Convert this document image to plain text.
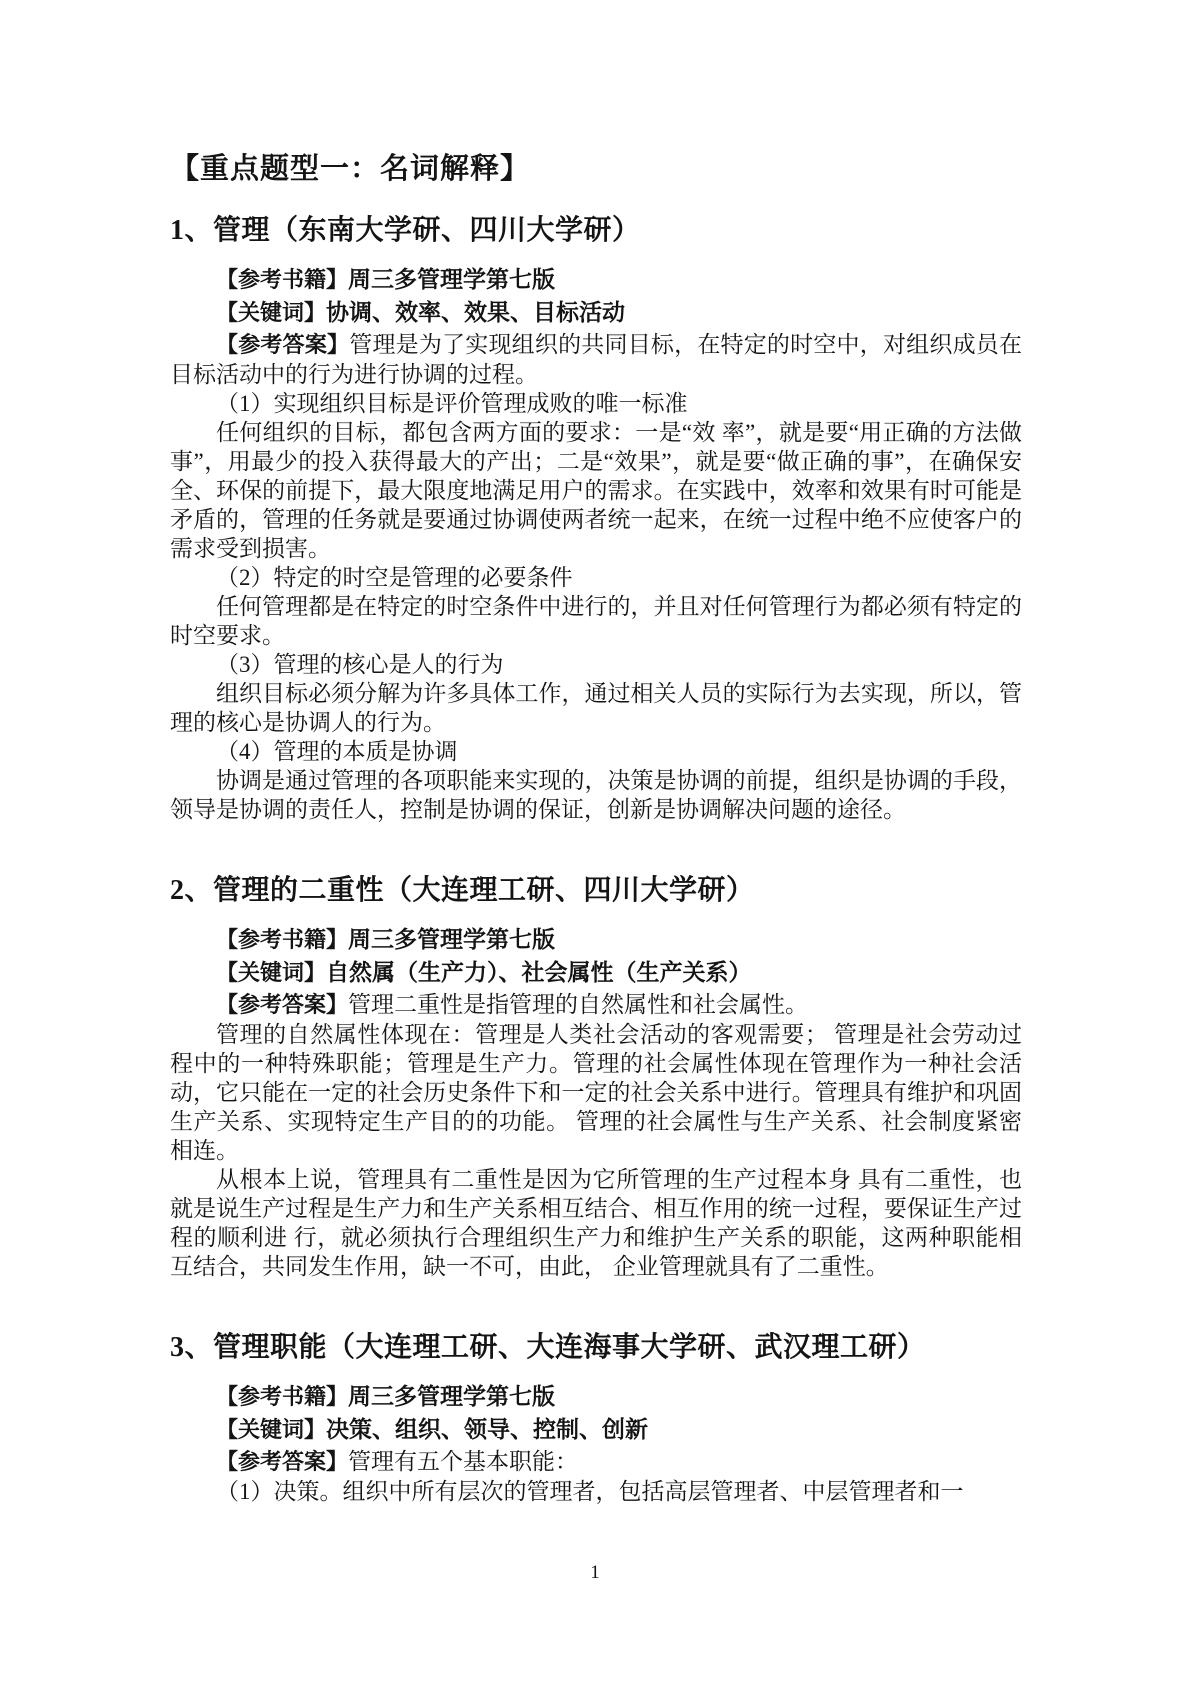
【重点题型一：名词解释】
1、管理（东南大学研、四川大学研）

【参考书籍】周三多管理学第七版

【关键词】协调、效率、效果、目标活动

【参考答案】管理是为了实现组织的共同目标，在特定的时空中，对组织成员在目标活动中的行为进行协调的过程。

（1）实现组织目标是评价管理成败的唯一标准

任何组织的目标，都包含两方面的要求：一是“效 率”，就是要“用正确的方法做事”，用最少的投入获得最大的产出；二是“效果”，就是要“做正确的事”，在确保安全、环保的前提下，最大限度地满足用户的需求。在实践中，效率和效果有时可能是矛盾的，管理的任务就是要通过协调使两者统一起来，在统一过程中绝不应使客户的需求受到损害。

（2）特定的时空是管理的必要条件

任何管理都是在特定的时空条件中进行的，并且对任何管理行为都必须有特定的时空要求。

（3）管理的核心是人的行为

组织目标必须分解为许多具体工作，通过相关人员的实际行为去实现，所以，管理的核心是协调人的行为。

（4）管理的本质是协调

协调是通过管理的各项职能来实现的，决策是协调的前提，组织是协调的手段，领导是协调的责任人，控制是协调的保证，创新是协调解决问题的途径。

2、管理的二重性（大连理工研、四川大学研）

【参考书籍】周三多管理学第七版

【关键词】自然属（生产力）、社会属性（生产关系）

【参考答案】管理二重性是指管理的自然属性和社会属性。

管理的自然属性体现在：管理是人类社会活动的客观需要； 管理是社会劳动过程中的一种特殊职能；管理是生产力。管理的社会属性体现在管理作为一种社会活动，它只能在一定的社会历史条件下和一定的社会关系中进行。管理具有维护和巩固生产关系、实现特定生产目的的功能。 管理的社会属性与生产关系、社会制度紧密相连。

从根本上说，管理具有二重性是因为它所管理的生产过程本身 具有二重性，也就是说生产过程是生产力和生产关系相互结合、相互作用的统一过程，要保证生产过程的顺利进 行，就必须执行合理组织生产力和维护生产关系的职能，这两种职能相互结合，共同发生作用，缺一不可，由此， 企业管理就具有了二重性。

3、管理职能（大连理工研、大连海事大学研、武汉理工研）

【参考书籍】周三多管理学第七版

【关键词】决策、组织、领导、控制、创新

【参考答案】管理有五个基本职能：

（1）决策。组织中所有层次的管理者，包括高层管理者、中层管理者和一

1
